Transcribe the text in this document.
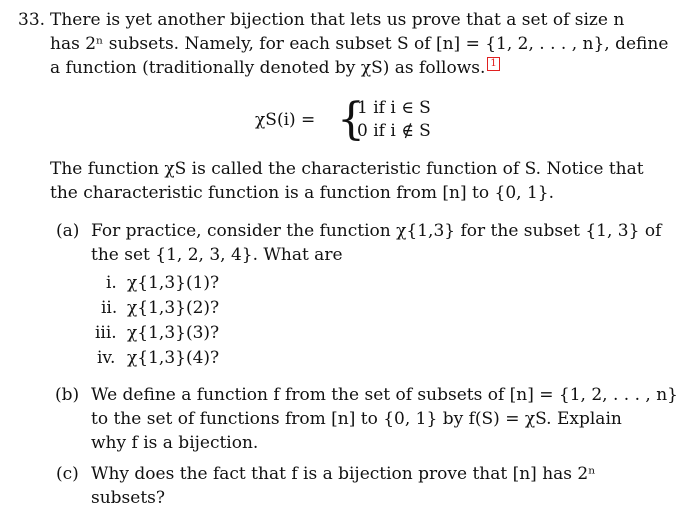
33. There is yet another bijection that lets us prove that a set of size n
has 2ⁿ subsets. Namely, for each subset S of [n] = {1, 2, . . . , n}, define
a function (traditionally denoted by χS) as follows. 1
χS(i) = {
1 if i ∈ S
0 if i ∉ S
The function χS is called the characteristic function of S. Notice that
the characteristic function is a function from [n] to {0, 1}.
(a) For practice, consider the function χ{1,3} for the subset {1, 3} of
the set {1, 2, 3, 4}. What are
i. χ{1,3}(1)?
ii. χ{1,3}(2)?
iii. χ{1,3}(3)?
iv. χ{1,3}(4)?
(b) We define a function f from the set of subsets of [n] = {1, 2, . . . , n}
to the set of functions from [n] to {0, 1} by f(S) = χS. Explain
why f is a bijection.
(c) Why does the fact that f is a bijection prove that [n] has 2ⁿ
subsets?
